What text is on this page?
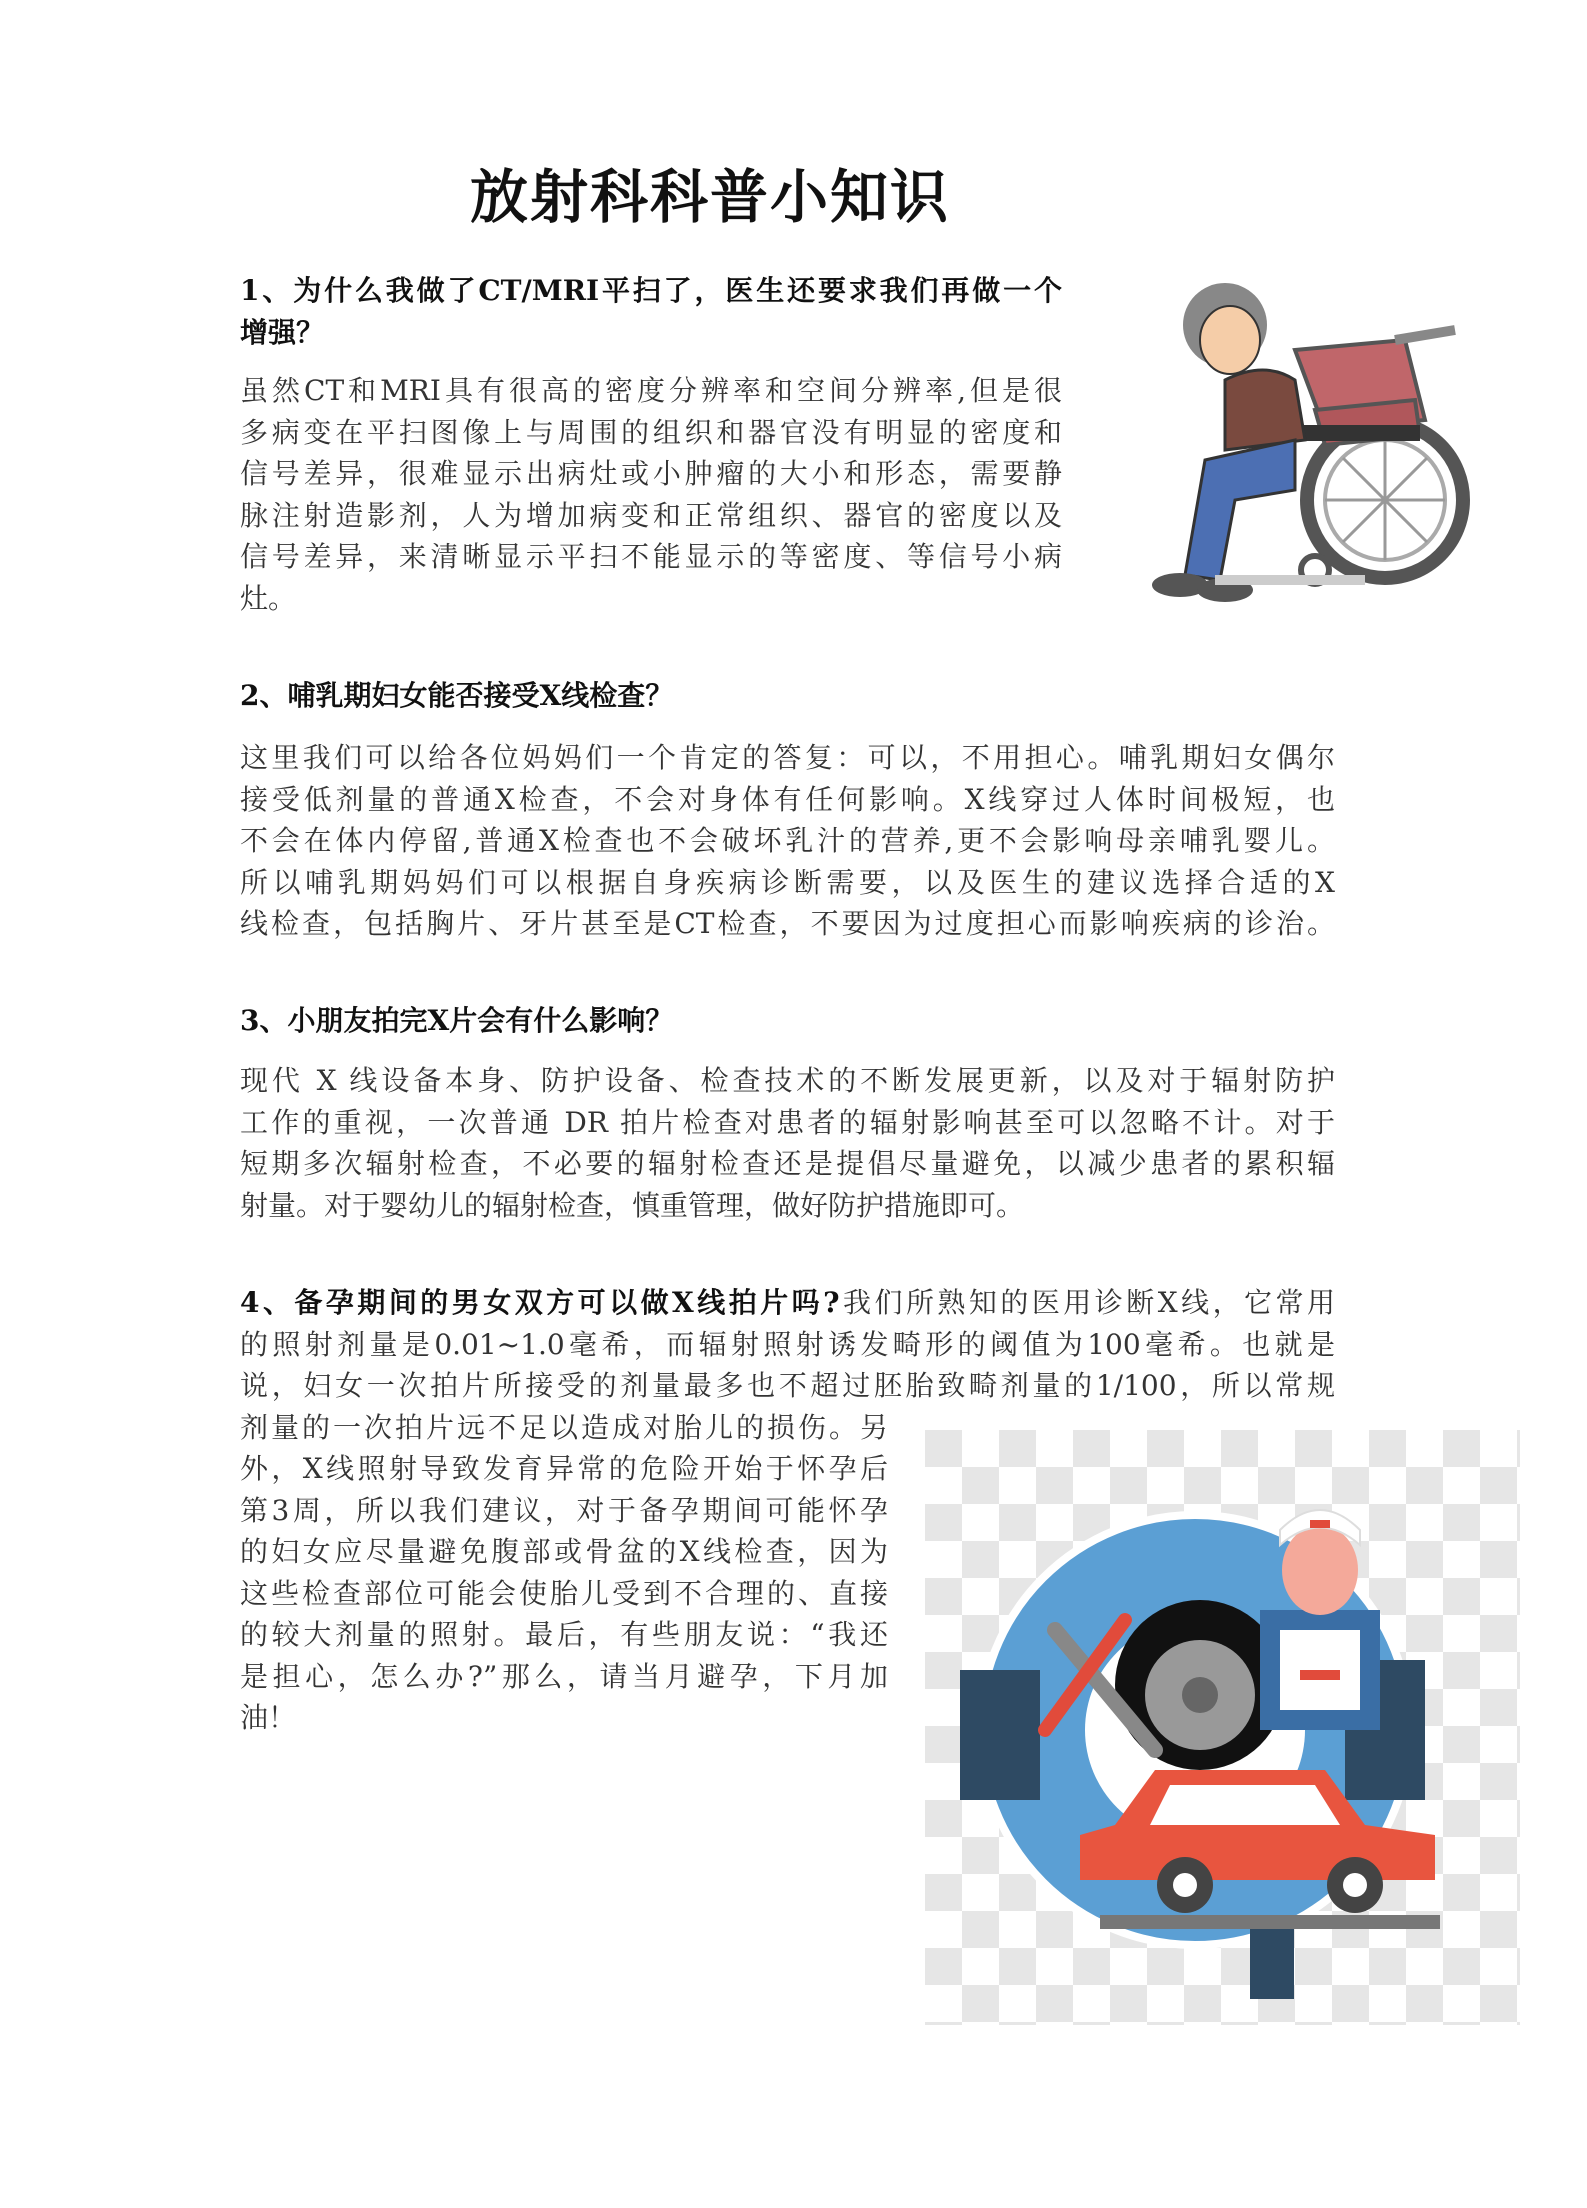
放射科科普小知识
1、为什么我做了CT/MRI平扫了，医生还要求我们再做一个
增强？
虽然CT和MRI具有很高的密度分辨率和空间分辨率,但是很
多病变在平扫图像上与周围的组织和器官没有明显的密度和
信号差异，很难显示出病灶或小肿瘤的大小和形态，需要静
脉注射造影剂，人为增加病变和正常组织、器官的密度以及
信号差异，来清晰显示平扫不能显示的等密度、等信号小病
灶。
2、哺乳期妇女能否接受X线检查？
这里我们可以给各位妈妈们一个肯定的答复：可以，不用担心。哺乳期妇女偶尔
接受低剂量的普通X检查，不会对身体有任何影响。X线穿过人体时间极短，也
不会在体内停留,普通X检查也不会破坏乳汁的营养,更不会影响母亲哺乳婴儿。
所以哺乳期妈妈们可以根据自身疾病诊断需要，以及医生的建议选择合适的X
线检查，包括胸片、牙片甚至是CT检查，不要因为过度担心而影响疾病的诊治。
3、小朋友拍完X片会有什么影响？
现代 X 线设备本身、防护设备、检查技术的不断发展更新，以及对于辐射防护
工作的重视，一次普通 DR 拍片检查对患者的辐射影响甚至可以忽略不计。对于
短期多次辐射检查，不必要的辐射检查还是提倡尽量避免，以减少患者的累积辐
射量。对于婴幼儿的辐射检查，慎重管理，做好防护措施即可。
4、备孕期间的男女双方可以做X线拍片吗?我们所熟知的医用诊断X线，它常用
的照射剂量是0.01~1.0毫希，而辐射照射诱发畸形的阈值为100毫希。也就是
说，妇女一次拍片所接受的剂量最多也不超过胚胎致畸剂量的1/100，所以常规
剂量的一次拍片远不足以造成对胎儿的损伤。另
外，X线照射导致发育异常的危险开始于怀孕后
第3周，所以我们建议，对于备孕期间可能怀孕
的妇女应尽量避免腹部或骨盆的X线检查，因为
这些检查部位可能会使胎儿受到不合理的、直接
的较大剂量的照射。最后，有些朋友说：“我还
是担心，怎么办?”那么，请当月避孕，下月加
油！
